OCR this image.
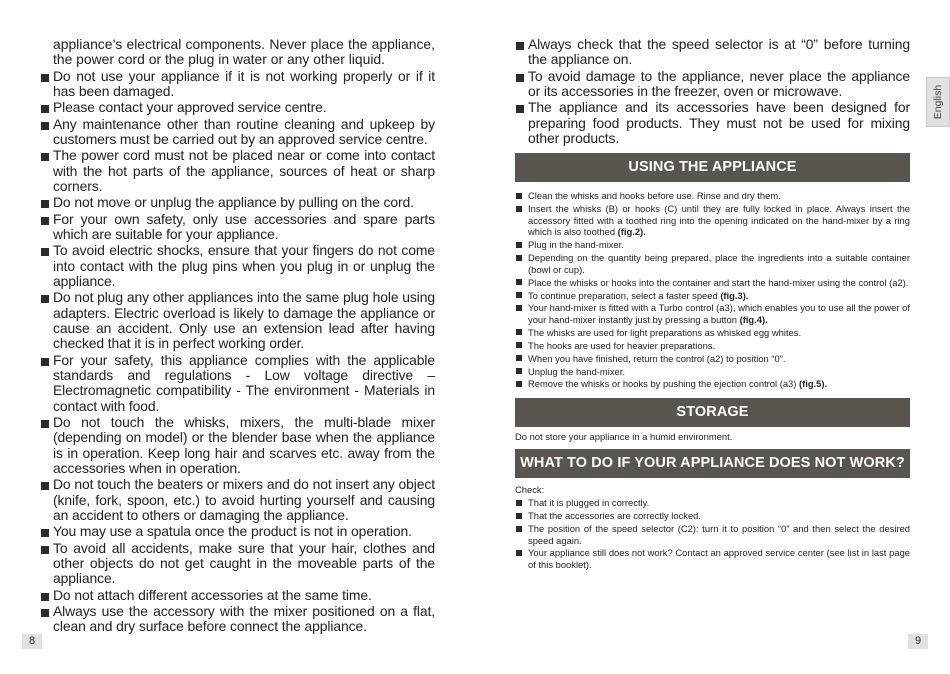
appliance’s electrical components. Never place the appliance, the power cord or the plug in water or any other liquid.
Do not use your appliance if it is not working properly or if it has been damaged.
Please contact your approved service centre.
Any maintenance other than routine cleaning and upkeep by customers must be carried out by an approved service centre.
The power cord must not be placed near or come into contact with the hot parts of the appliance, sources of heat or sharp corners.
Do not move or unplug the appliance by pulling on the cord.
For your own safety, only use accessories and spare parts which are suitable for your appliance.
To avoid electric shocks, ensure that your fingers do not come into contact with the plug pins when you plug in or unplug the appliance.
Do not plug any other appliances into the same plug hole using adapters. Electric overload is likely to damage the appliance or cause an accident. Only use an extension lead after having checked that it is in perfect working order.
For your safety, this appliance complies with the applicable standards and regulations - Low voltage directive – Electromagnetic compatibility - The environment - Materials in contact with food.
Do not touch the whisks, mixers, the multi-blade mixer (depending on model) or the blender base when the appliance is in operation. Keep long hair and scarves etc. away from the accessories when in operation.
Do not touch the beaters or mixers and do not insert any object (knife, fork, spoon, etc.) to avoid hurting yourself and causing an accident to others or damaging the appliance.
You may use a spatula once the product is not in operation.
To avoid all accidents, make sure that your hair, clothes and other objects do not get caught in the moveable parts of the appliance.
Do not attach different accessories at the same time.
Always use the accessory with the mixer positioned on a flat, clean and dry surface before connect the appliance.
8
Always check that the speed selector is at “0” before turning the appliance on.
To avoid damage to the appliance, never place the appliance or its accessories in the freezer, oven or microwave.
The appliance and its accessories have been designed for preparing food products. They must not be used for mixing other products.
USING THE APPLIANCE
Clean the whisks and hooks before use. Rinse and dry them.
Insert the whisks (B) or hooks (C) until they are fully locked in place. Always insert the accessory fitted with a toothed ring into the opening indicated on the hand-mixer by a ring which is also toothed (fig.2).
Plug in the hand-mixer.
Depending on the quantity being prepared, place the ingredients into a suitable container (bowl or cup).
Place the whisks or hooks into the container and start the hand-mixer using the control (a2).
To continue preparation, select a faster speed (fig.3).
Your hand-mixer is fitted with a Turbo control (a3), which enables you to use all the power of your hand-mixer instantly just by pressing a button (fig.4).
The whisks are used for light preparations as whisked egg whites.
The hooks are used for heavier preparations.
When you have finished, return the control (a2) to position “0”.
Unplug the hand-mixer.
Remove the whisks or hooks by pushing the ejection control (a3) (fig.5).
STORAGE
Do not store your appliance in a humid environment.
WHAT TO DO IF YOUR APPLIANCE DOES NOT WORK?
Check:
That it is plugged in correctly.
That the accessories are correctly locked.
The position of the speed selector (C2): turn it to position “0” and then select the desired speed again.
Your appliance still does not work? Contact an approved service center (see list in last page of this booklet).
9
English
